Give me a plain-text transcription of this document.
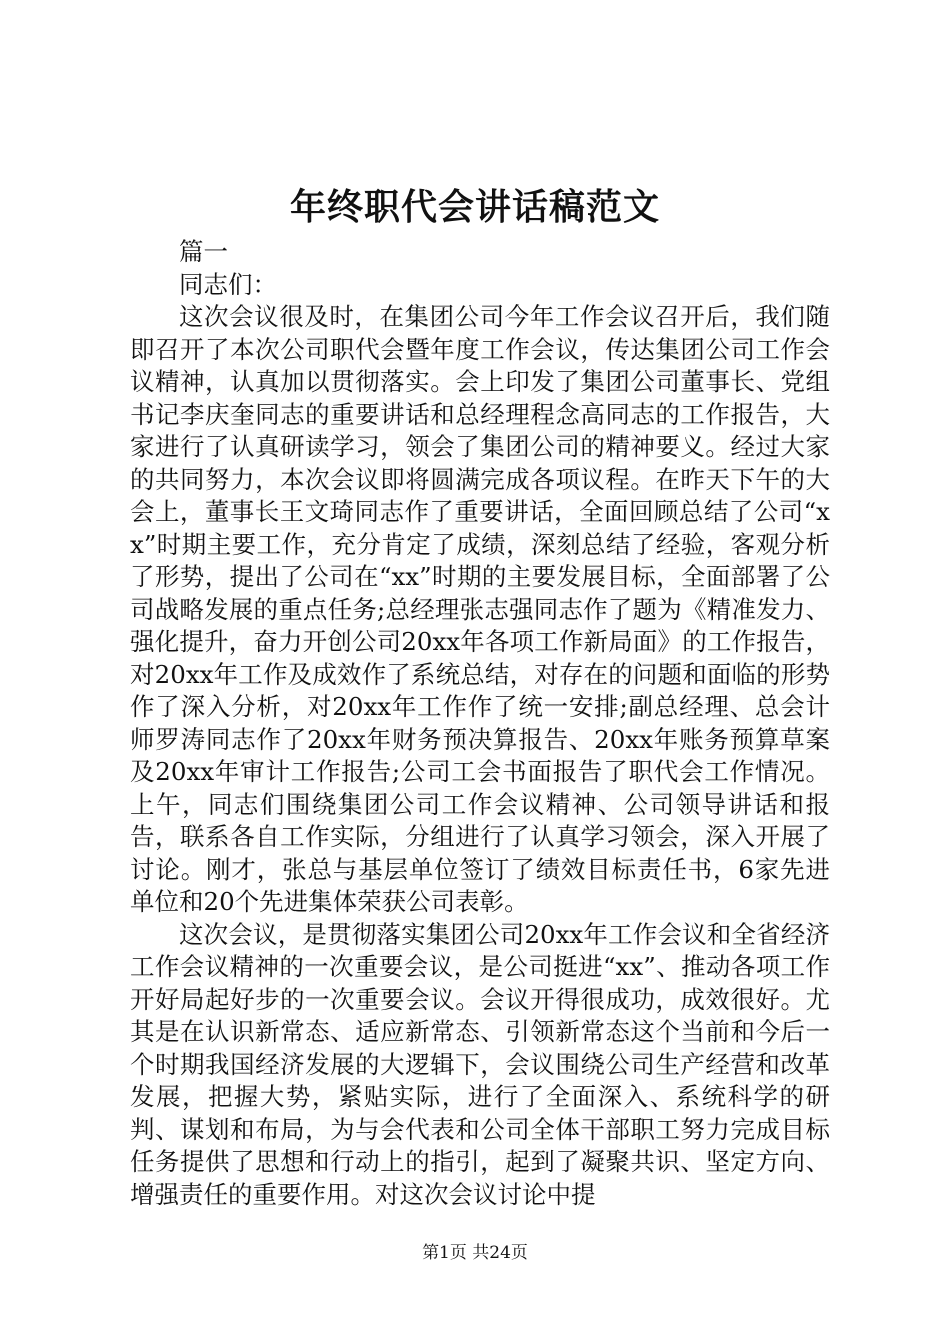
年终职代会讲话稿范文

篇一

同志们：

这次会议很及时，在集团公司今年工作会议召开后，我们随即召开了本次公司职代会暨年度工作会议，传达集团公司工作会议精神，认真加以贯彻落实。会上印发了集团公司董事长、党组书记李庆奎同志的重要讲话和总经理程念高同志的工作报告，大家进行了认真研读学习，领会了集团公司的精神要义。经过大家的共同努力，本次会议即将圆满完成各项议程。在昨天下午的大会上，董事长王文琦同志作了重要讲话，全面回顾总结了公司“xx”时期主要工作，充分肯定了成绩，深刻总结了经验，客观分析了形势，提出了公司在“xx”时期的主要发展目标，全面部署了公司战略发展的重点任务;总经理张志强同志作了题为《精准发力、强化提升，奋力开创公司20xx年各项工作新局面》的工作报告，对20xx年工作及成效作了系统总结，对存在的问题和面临的形势作了深入分析，对20xx年工作作了统一安排;副总经理、总会计师罗涛同志作了20xx年财务预决算报告、20xx年账务预算草案及20xx年审计工作报告;公司工会书面报告了职代会工作情况。上午，同志们围绕集团公司工作会议精神、公司领导讲话和报告，联系各自工作实际，分组进行了认真学习领会，深入开展了讨论。刚才，张总与基层单位签订了绩效目标责任书，6家先进单位和20个先进集体荣获公司表彰。

这次会议，是贯彻落实集团公司20xx年工作会议和全省经济工作会议精神的一次重要会议，是公司挺进“xx”、推动各项工作开好局起好步的一次重要会议。会议开得很成功，成效很好。尤其是在认识新常态、适应新常态、引领新常态这个当前和今后一个时期我国经济发展的大逻辑下，会议围绕公司生产经营和改革发展，把握大势，紧贴实际，进行了全面深入、系统科学的研判、谋划和布局，为与会代表和公司全体干部职工努力完成目标任务提供了思想和行动上的指引，起到了凝聚共识、坚定方向、增强责任的重要作用。对这次会议讨论中提

第1页 共24页
